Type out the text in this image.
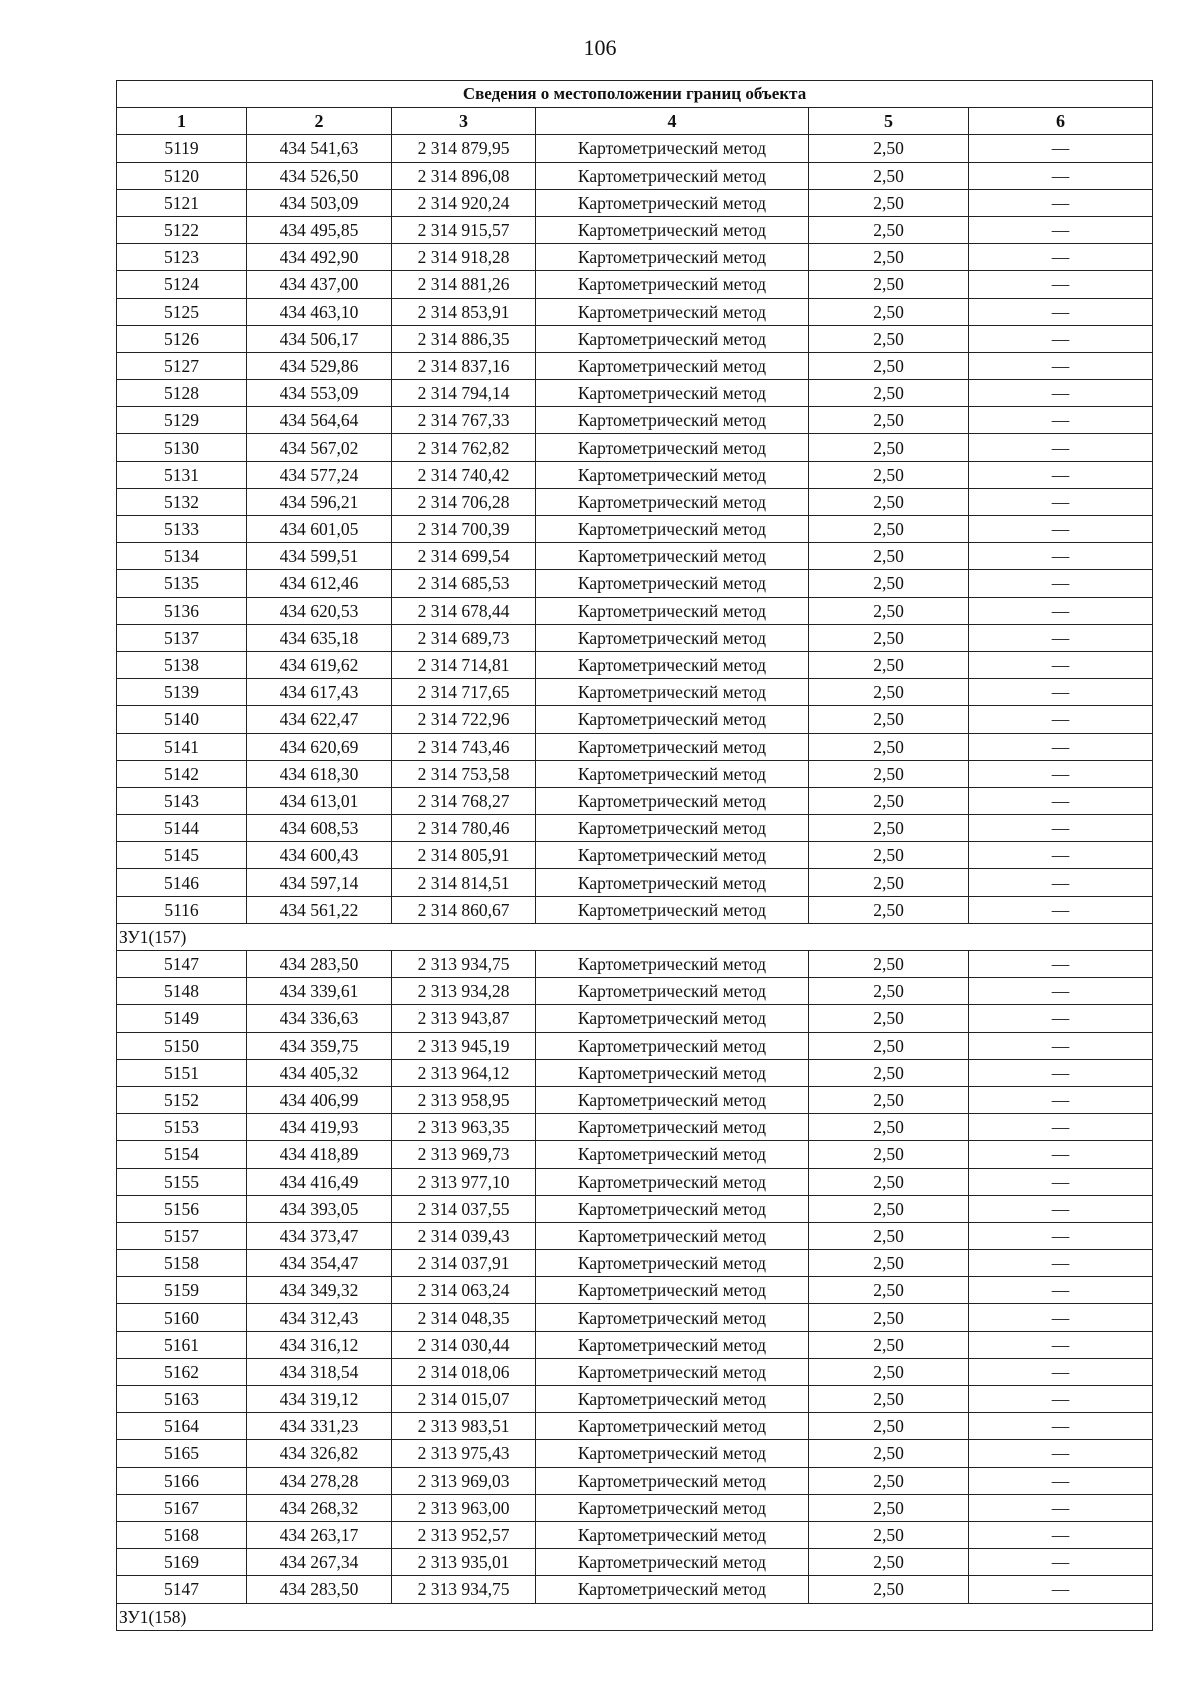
106
Сведения о местоположении границ объекта					
1	2	3	4	5	6
5119	434 541,63	2 314 879,95	Картометрический метод	2,50	—
5120	434 526,50	2 314 896,08	Картометрический метод	2,50	—
5121	434 503,09	2 314 920,24	Картометрический метод	2,50	—
5122	434 495,85	2 314 915,57	Картометрический метод	2,50	—
5123	434 492,90	2 314 918,28	Картометрический метод	2,50	—
5124	434 437,00	2 314 881,26	Картометрический метод	2,50	—
5125	434 463,10	2 314 853,91	Картометрический метод	2,50	—
5126	434 506,17	2 314 886,35	Картометрический метод	2,50	—
5127	434 529,86	2 314 837,16	Картометрический метод	2,50	—
5128	434 553,09	2 314 794,14	Картометрический метод	2,50	—
5129	434 564,64	2 314 767,33	Картометрический метод	2,50	—
5130	434 567,02	2 314 762,82	Картометрический метод	2,50	—
5131	434 577,24	2 314 740,42	Картометрический метод	2,50	—
5132	434 596,21	2 314 706,28	Картометрический метод	2,50	—
5133	434 601,05	2 314 700,39	Картометрический метод	2,50	—
5134	434 599,51	2 314 699,54	Картометрический метод	2,50	—
5135	434 612,46	2 314 685,53	Картометрический метод	2,50	—
5136	434 620,53	2 314 678,44	Картометрический метод	2,50	—
5137	434 635,18	2 314 689,73	Картометрический метод	2,50	—
5138	434 619,62	2 314 714,81	Картометрический метод	2,50	—
5139	434 617,43	2 314 717,65	Картометрический метод	2,50	—
5140	434 622,47	2 314 722,96	Картометрический метод	2,50	—
5141	434 620,69	2 314 743,46	Картометрический метод	2,50	—
5142	434 618,30	2 314 753,58	Картометрический метод	2,50	—
5143	434 613,01	2 314 768,27	Картометрический метод	2,50	—
5144	434 608,53	2 314 780,46	Картометрический метод	2,50	—
5145	434 600,43	2 314 805,91	Картометрический метод	2,50	—
5146	434 597,14	2 314 814,51	Картометрический метод	2,50	—
5116	434 561,22	2 314 860,67	Картометрический метод	2,50	—
ЗУ1(157)					
5147	434 283,50	2 313 934,75	Картометрический метод	2,50	—
5148	434 339,61	2 313 934,28	Картометрический метод	2,50	—
5149	434 336,63	2 313 943,87	Картометрический метод	2,50	—
5150	434 359,75	2 313 945,19	Картометрический метод	2,50	—
5151	434 405,32	2 313 964,12	Картометрический метод	2,50	—
5152	434 406,99	2 313 958,95	Картометрический метод	2,50	—
5153	434 419,93	2 313 963,35	Картометрический метод	2,50	—
5154	434 418,89	2 313 969,73	Картометрический метод	2,50	—
5155	434 416,49	2 313 977,10	Картометрический метод	2,50	—
5156	434 393,05	2 314 037,55	Картометрический метод	2,50	—
5157	434 373,47	2 314 039,43	Картометрический метод	2,50	—
5158	434 354,47	2 314 037,91	Картометрический метод	2,50	—
5159	434 349,32	2 314 063,24	Картометрический метод	2,50	—
5160	434 312,43	2 314 048,35	Картометрический метод	2,50	—
5161	434 316,12	2 314 030,44	Картометрический метод	2,50	—
5162	434 318,54	2 314 018,06	Картометрический метод	2,50	—
5163	434 319,12	2 314 015,07	Картометрический метод	2,50	—
5164	434 331,23	2 313 983,51	Картометрический метод	2,50	—
5165	434 326,82	2 313 975,43	Картометрический метод	2,50	—
5166	434 278,28	2 313 969,03	Картометрический метод	2,50	—
5167	434 268,32	2 313 963,00	Картометрический метод	2,50	—
5168	434 263,17	2 313 952,57	Картометрический метод	2,50	—
5169	434 267,34	2 313 935,01	Картометрический метод	2,50	—
5147	434 283,50	2 313 934,75	Картометрический метод	2,50	—
ЗУ1(158)					
